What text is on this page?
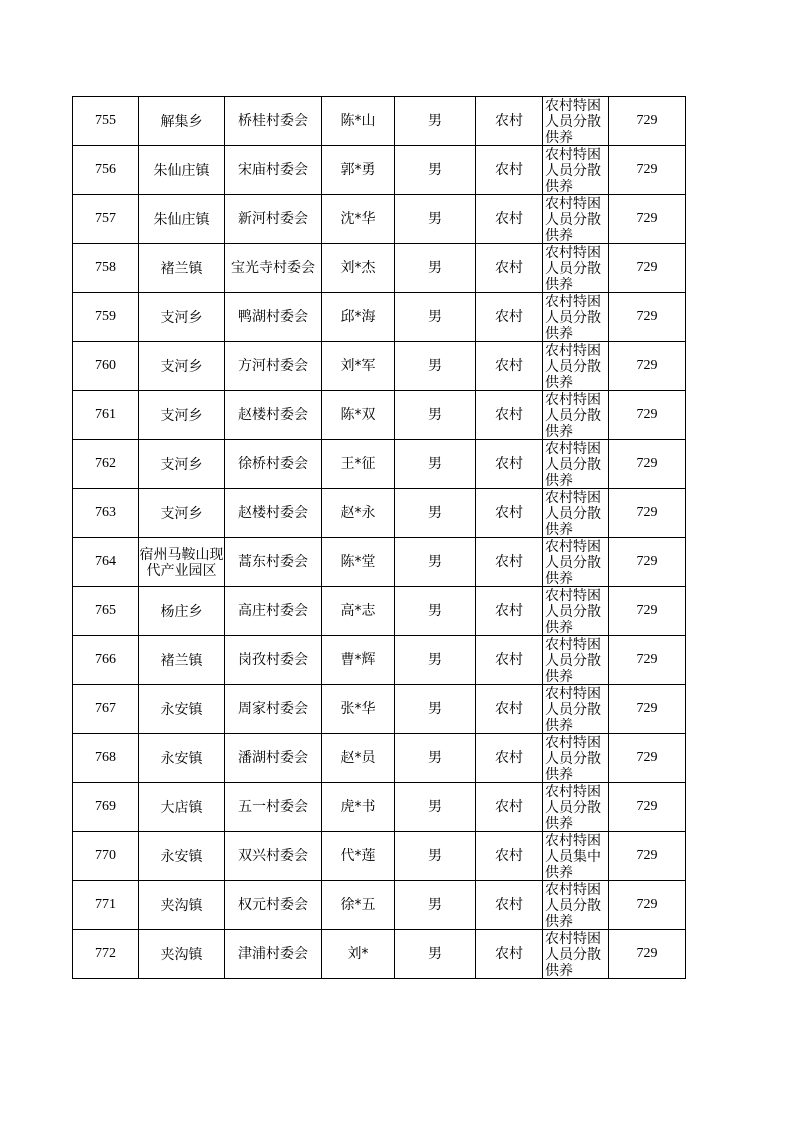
755	解集乡	桥桂村委会	陈*山	男	农村	农村特困人员分散供养	729
756	朱仙庄镇	宋庙村委会	郭*勇	男	农村	农村特困人员分散供养	729
757	朱仙庄镇	新河村委会	沈*华	男	农村	农村特困人员分散供养	729
758	褚兰镇	宝光寺村委会	刘*杰	男	农村	农村特困人员分散供养	729
759	支河乡	鸭湖村委会	邱*海	男	农村	农村特困人员分散供养	729
760	支河乡	方河村委会	刘*军	男	农村	农村特困人员分散供养	729
761	支河乡	赵楼村委会	陈*双	男	农村	农村特困人员分散供养	729
762	支河乡	徐桥村委会	王*征	男	农村	农村特困人员分散供养	729
763	支河乡	赵楼村委会	赵*永	男	农村	农村特困人员分散供养	729
764	宿州马鞍山现代产业园区	蒿东村委会	陈*堂	男	农村	农村特困人员分散供养	729
765	杨庄乡	高庄村委会	高*志	男	农村	农村特困人员分散供养	729
766	褚兰镇	岗孜村委会	曹*辉	男	农村	农村特困人员分散供养	729
767	永安镇	周家村委会	张*华	男	农村	农村特困人员分散供养	729
768	永安镇	潘湖村委会	赵*员	男	农村	农村特困人员分散供养	729
769	大店镇	五一村委会	虎*书	男	农村	农村特困人员分散供养	729
770	永安镇	双兴村委会	代*莲	男	农村	农村特困人员集中供养	729
771	夹沟镇	权元村委会	徐*五	男	农村	农村特困人员分散供养	729
772	夹沟镇	津浦村委会	刘*	男	农村	农村特困人员分散供养	729
